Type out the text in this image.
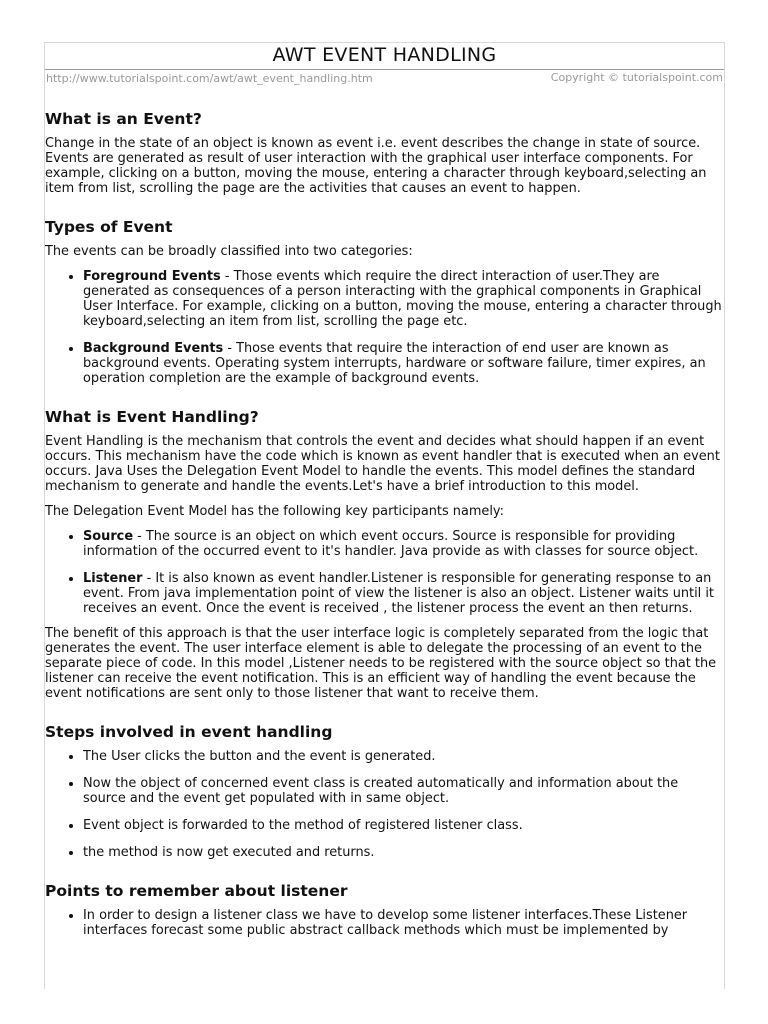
AWT EVENT HANDLING
http://www.tutorialspoint.com/awt/awt_event_handling.htm	Copyright © tutorialspoint.com
What is an Event?

Change in the state of an object is known as event i.e. event describes the change in state of source. Events are generated as result of user interaction with the graphical user interface components. For example, clicking on a button, moving the mouse, entering a character through keyboard,selecting an item from list, scrolling the page are the activities that causes an event to happen.

Types of Event

The events can be broadly classified into two categories:

• Foreground Events - Those events which require the direct interaction of user.They are generated as consequences of a person interacting with the graphical components in Graphical User Interface. For example, clicking on a button, moving the mouse, entering a character through keyboard,selecting an item from list, scrolling the page etc.
• Background Events - Those events that require the interaction of end user are known as background events. Operating system interrupts, hardware or software failure, timer expires, an operation completion are the example of background events.
What is Event Handling?

Event Handling is the mechanism that controls the event and decides what should happen if an event occurs. This mechanism have the code which is known as event handler that is executed when an event occurs. Java Uses the Delegation Event Model to handle the events. This model defines the standard mechanism to generate and handle the events.Let's have a brief introduction to this model.

The Delegation Event Model has the following key participants namely:

• Source - The source is an object on which event occurs. Source is responsible for providing information of the occurred event to it's handler. Java provide as with classes for source object.
• Listener - It is also known as event handler.Listener is responsible for generating response to an event. From java implementation point of view the listener is also an object. Listener waits until it receives an event. Once the event is received , the listener process the event an then returns.

The benefit of this approach is that the user interface logic is completely separated from the logic that generates the event. The user interface element is able to delegate the processing of an event to the separate piece of code. In this model ,Listener needs to be registered with the source object so that the listener can receive the event notification. This is an efficient way of handling the event because the event notifications are sent only to those listener that want to receive them.

Steps involved in event handling
• The User clicks the button and the event is generated.
• Now the object of concerned event class is created automatically and information about the source and the event get populated with in same object.
• Event object is forwarded to the method of registered listener class.
• the method is now get executed and returns.
Points to remember about listener
• In order to design a listener class we have to develop some listener interfaces.These Listener interfaces forecast some public abstract callback methods which must be implemented by
